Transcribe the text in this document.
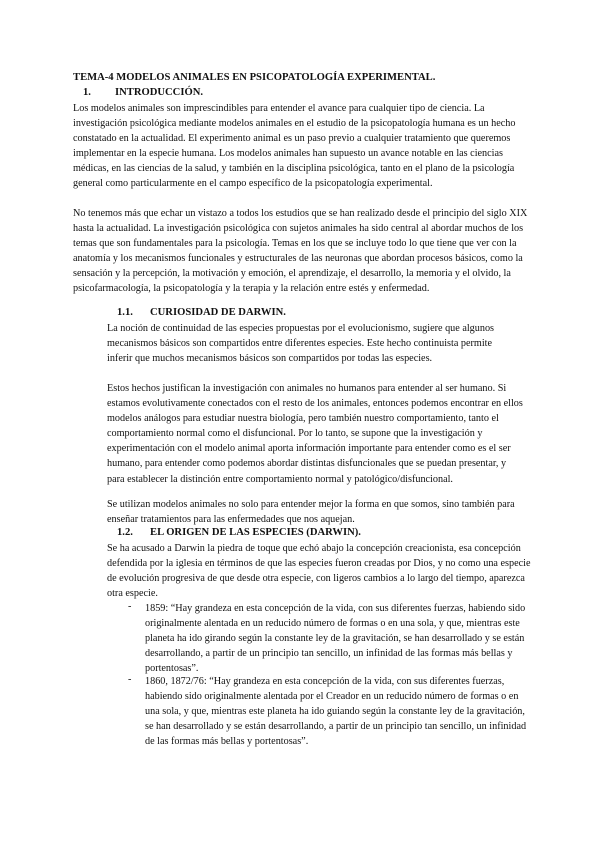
TEMA-4 MODELOS ANIMALES EN PSICOPATOLOGÍA EXPERIMENTAL.
1. INTRODUCCIÓN.

Los modelos animales son imprescindibles para entender el avance para cualquier tipo de ciencia. La investigación psicológica mediante modelos animales en el estudio de la psicopatología humana es un hecho constatado en la actualidad. El experimento animal es un paso previo a cualquier tratamiento que queremos implementar en la especie humana. Los modelos animales han supuesto un avance notable en las ciencias médicas, en las ciencias de la salud, y también en la disciplina psicológica, tanto en el plano de la psicología general como particularmente en el campo específico de la psicopatología experimental.

No tenemos más que echar un vistazo a todos los estudios que se han realizado desde el principio del siglo XIX hasta la actualidad. La investigación psicológica con sujetos animales ha sido central al abordar muchos de los temas que son fundamentales para la psicología. Temas en los que se incluye todo lo que tiene que ver con la anatomía y los mecanismos funcionales y estructurales de las neuronas que abordan procesos básicos, como la sensación y la percepción, la motivación y emoción, el aprendizaje, el desarrollo, la memoria y el olvido, la psicofarmacología, la psicopatología y la terapia y la relación entre estés y enfermedad.

1.1. CURIOSIDAD DE DARWIN.

La noción de continuidad de las especies propuestas por el evolucionismo, sugiere que algunos mecanismos básicos son compartidos entre diferentes especies. Este hecho continuista permite inferir que muchos mecanismos básicos son compartidos por todas las especies.

Estos hechos justifican la investigación con animales no humanos para entender al ser humano. Si estamos evolutivamente conectados con el resto de los animales, entonces podemos encontrar en ellos modelos análogos para estudiar nuestra biología, pero también nuestro comportamiento, tanto el comportamiento normal como el disfuncional. Por lo tanto, se supone que la investigación y experimentación con el modelo animal aporta información importante para entender como es el ser humano, para entender como podemos abordar distintas disfuncionales que se puedan presentar, y para establecer la distinción entre comportamiento normal y patológico/disfuncional.

Se utilizan modelos animales no solo para entender mejor la forma en que somos, sino también para enseñar tratamientos para las enfermedades que nos aquejan.

1.2. EL ORIGEN DE LAS ESPECIES (DARWIN).

Se ha acusado a Darwin la piedra de toque que echó abajo la concepción creacionista, esa concepción defendida por la iglesia en términos de que las especies fueron creadas por Dios, y no como una especie de evolución progresiva de que desde otra especie, con ligeros cambios a lo largo del tiempo, aparezca otra especie.

- 1859: “Hay grandeza en esta concepción de la vida, con sus diferentes fuerzas, habiendo sido originalmente alentada en un reducido número de formas o en una sola, y que, mientras este planeta ha ido girando según la constante ley de la gravitación, se han desarrollado y se están desarrollando, a partir de un principio tan sencillo, un infinidad de las formas más bellas y portentosas”.

- 1860, 1872/76: “Hay grandeza en esta concepción de la vida, con sus diferentes fuerzas, habiendo sido originalmente alentada por el Creador en un reducido número de formas o en una sola, y que, mientras este planeta ha ido guiando según la constante ley de la gravitación, se han desarrollado y se están desarrollando, a partir de un principio tan sencillo, un infinidad de las formas más bellas y portentosas”.
